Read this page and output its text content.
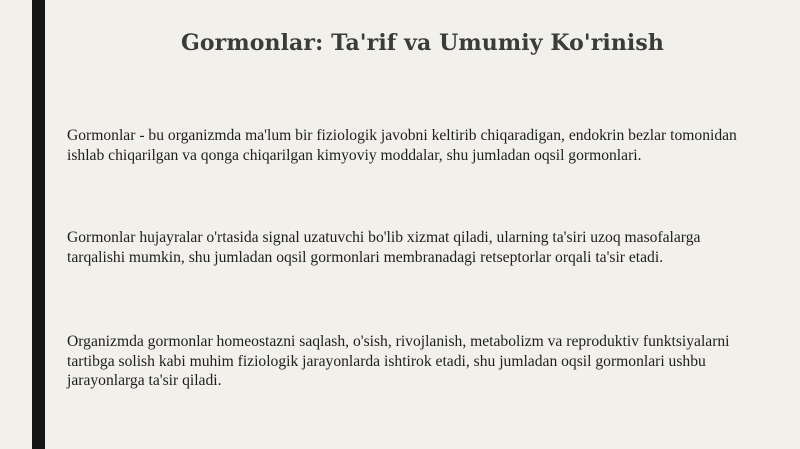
Gormonlar: Ta'rif va Umumiy Ko'rinish
Gormonlar - bu organizmda ma'lum bir fiziologik javobni keltirib chiqaradigan, endokrin bezlar tomonidan ishlab chiqarilgan va qonga chiqarilgan kimyoviy moddalar, shu jumladan oqsil gormonlari.
Gormonlar hujayralar o'rtasida signal uzatuvchi bo'lib xizmat qiladi, ularning ta'siri uzoq masofalarga tarqalishi mumkin, shu jumladan oqsil gormonlari membranadagi retseptorlar orqali ta'sir etadi.
Organizmda gormonlar homeostazni saqlash, o'sish, rivojlanish, metabolizm va reproduktiv funktsiyalarni tartibga solish kabi muhim fiziologik jarayonlarda ishtirok etadi, shu jumladan oqsil gormonlari ushbu jarayonlarga ta'sir qiladi.
